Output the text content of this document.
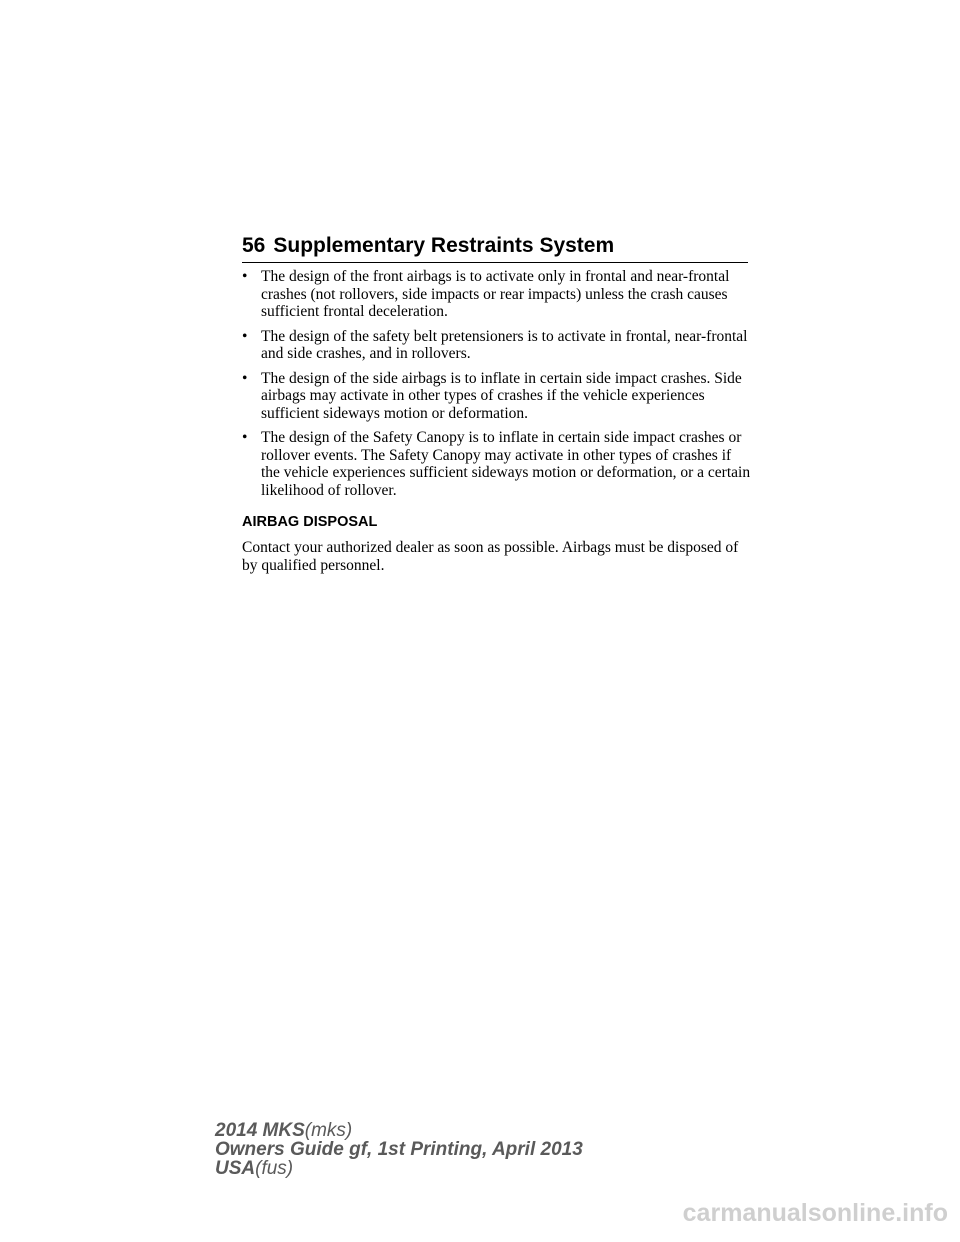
56 Supplementary Restraints System
• The design of the front airbags is to activate only in frontal and near-frontal crashes (not rollovers, side impacts or rear impacts) unless the crash causes sufficient frontal deceleration.
• The design of the safety belt pretensioners is to activate in frontal, near-frontal and side crashes, and in rollovers.
• The design of the side airbags is to inflate in certain side impact crashes. Side airbags may activate in other types of crashes if the vehicle experiences sufficient sideways motion or deformation.
• The design of the Safety Canopy is to inflate in certain side impact crashes or rollover events. The Safety Canopy may activate in other types of crashes if the vehicle experiences sufficient sideways motion or deformation, or a certain likelihood of rollover.
AIRBAG DISPOSAL

Contact your authorized dealer as soon as possible. Airbags must be disposed of by qualified personnel.

2014 MKS(mks)
Owners Guide gf, 1st Printing, April 2013
USA(fus)
carmanualsonline.info
